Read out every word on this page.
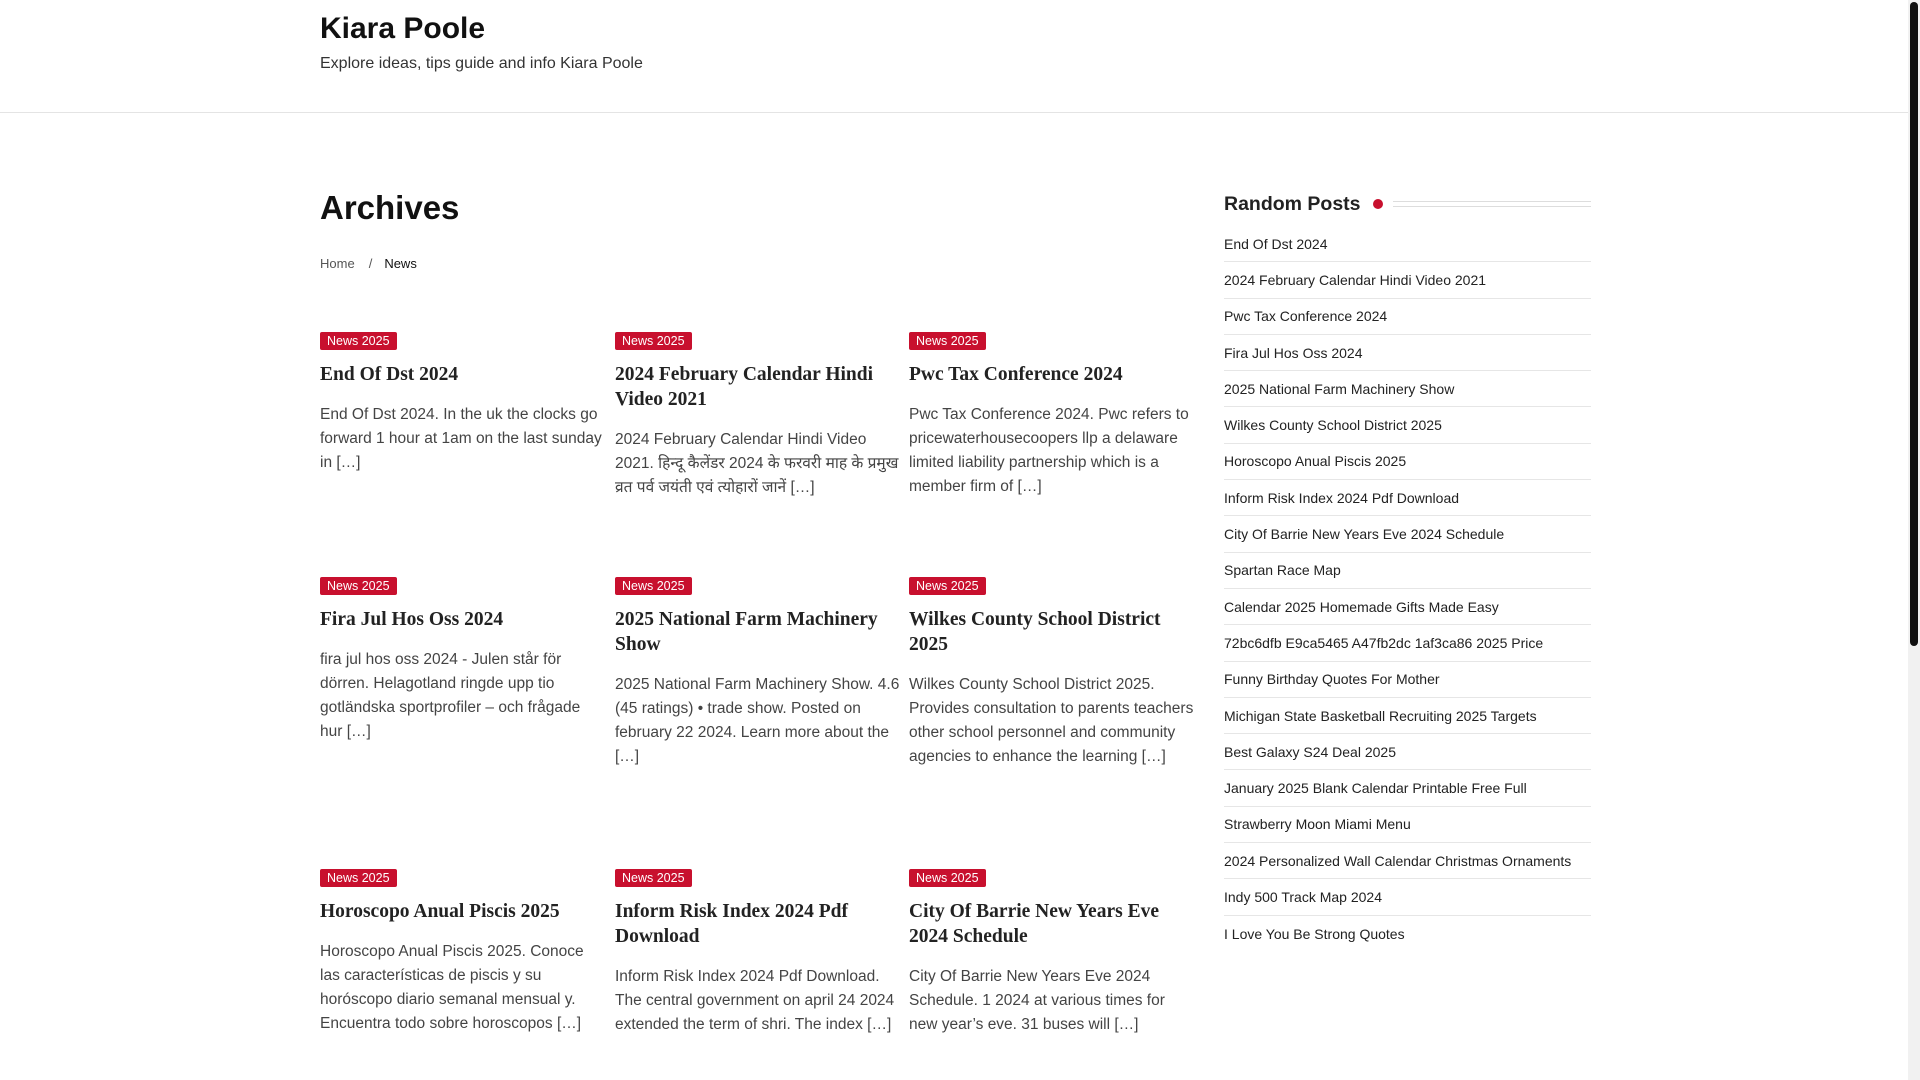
Kiara Poole
Explore ideas, tips guide and info Kiara Poole
Archives
Home / News
News 2025
End Of Dst 2024
End Of Dst 2024. In the uk the clocks go forward 1 hour at 1am on the last sunday in […]
News 2025
2024 February Calendar Hindi Video 2021
2024 February Calendar Hindi Video 2021. हिन्दू कैलेंडर 2024 के फरवरी माह के प्रमुख व्रत पर्व जयंती एवं त्योहारों जानें […]
News 2025
Pwc Tax Conference 2024
Pwc Tax Conference 2024. Pwc refers to pricewaterhousecoopers llp a delaware limited liability partnership which is a member firm of […]
News 2025
Fira Jul Hos Oss 2024
fira jul hos oss 2024 - Julen står för dörren. Helagotland ringde upp tio gotländska sportprofiler – och frågade hur […]
News 2025
2025 National Farm Machinery Show
2025 National Farm Machinery Show. 4.6 (45 ratings) • trade show. Posted on february 22 2024. Learn more about the […]
News 2025
Wilkes County School District 2025
Wilkes County School District 2025. Provides consultation to parents teachers other school personnel and community agencies to enhance the learning […]
News 2025
Horoscopo Anual Piscis 2025
Horoscopo Anual Piscis 2025. Conoce las características de piscis y su horóscopo diario semanal mensual y. Encuentra todo sobre horoscopos […]
News 2025
Inform Risk Index 2024 Pdf Download
Inform Risk Index 2024 Pdf Download. The central government on april 24 2024 extended the term of shri. The index […]
News 2025
City Of Barrie New Years Eve 2024 Schedule
City Of Barrie New Years Eve 2024 Schedule. 1 2024 at various times for new year’s eve. 31 buses will […]
Random Posts
End Of Dst 2024
2024 February Calendar Hindi Video 2021
Pwc Tax Conference 2024
Fira Jul Hos Oss 2024
2025 National Farm Machinery Show
Wilkes County School District 2025
Horoscopo Anual Piscis 2025
Inform Risk Index 2024 Pdf Download
City Of Barrie New Years Eve 2024 Schedule
Spartan Race Map
Calendar 2025 Homemade Gifts Made Easy
72bc6dfb E9ca5465 A47fb2dc 1af3ca86 2025 Price
Funny Birthday Quotes For Mother
Michigan State Basketball Recruiting 2025 Targets
Best Galaxy S24 Deal 2025
January 2025 Blank Calendar Printable Free Full
Strawberry Moon Miami Menu
2024 Personalized Wall Calendar Christmas Ornaments
Indy 500 Track Map 2024
I Love You Be Strong Quotes
